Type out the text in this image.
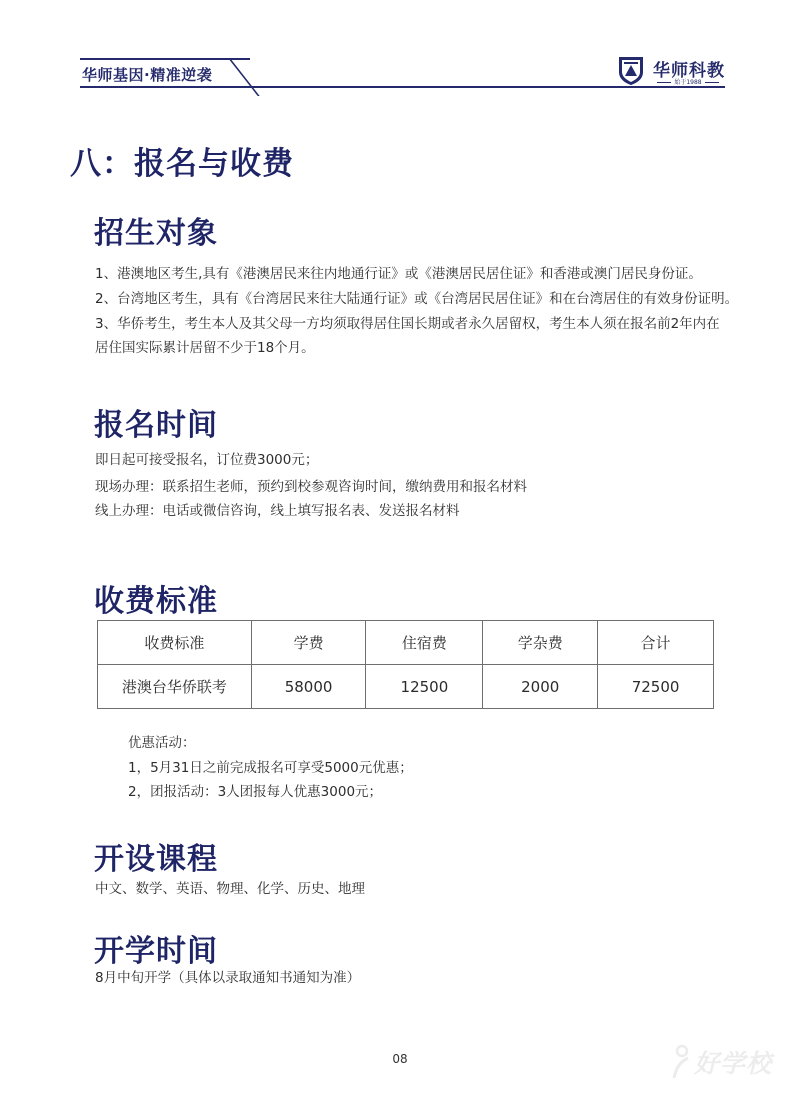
华师基因·精准逆袭	华师科教
始于1988
八：报名与收费
招生对象
1、港澳地区考生,具有《港澳居民来往内地通行证》或《港澳居民居住证》和香港或澳门居民身份证。
2、台湾地区考生，具有《台湾居民来往大陆通行证》或《台湾居民居住证》和在台湾居住的有效身份证明。
3、华侨考生，考生本人及其父母一方均须取得居住国长期或者永久居留权，考生本人须在报名前2年内在
居住国实际累计居留不少于18个月。
报名时间
即日起可接受报名，订位费3000元；
现场办理：联系招生老师，预约到校参观咨询时间，缴纳费用和报名材料
线上办理：电话或微信咨询，线上填写报名表、发送报名材料
收费标准
收费标准	学费	住宿费	学杂费	合计
港澳台华侨联考	58000	12500	2000	72500
优惠活动：
1，5月31日之前完成报名可享受5000元优惠；
2，团报活动：3人团报每人优惠3000元；
开设课程
中文、数学、英语、物理、化学、历史、地理
开学时间
8月中旬开学（具体以录取通知书通知为准）
08	好学校
